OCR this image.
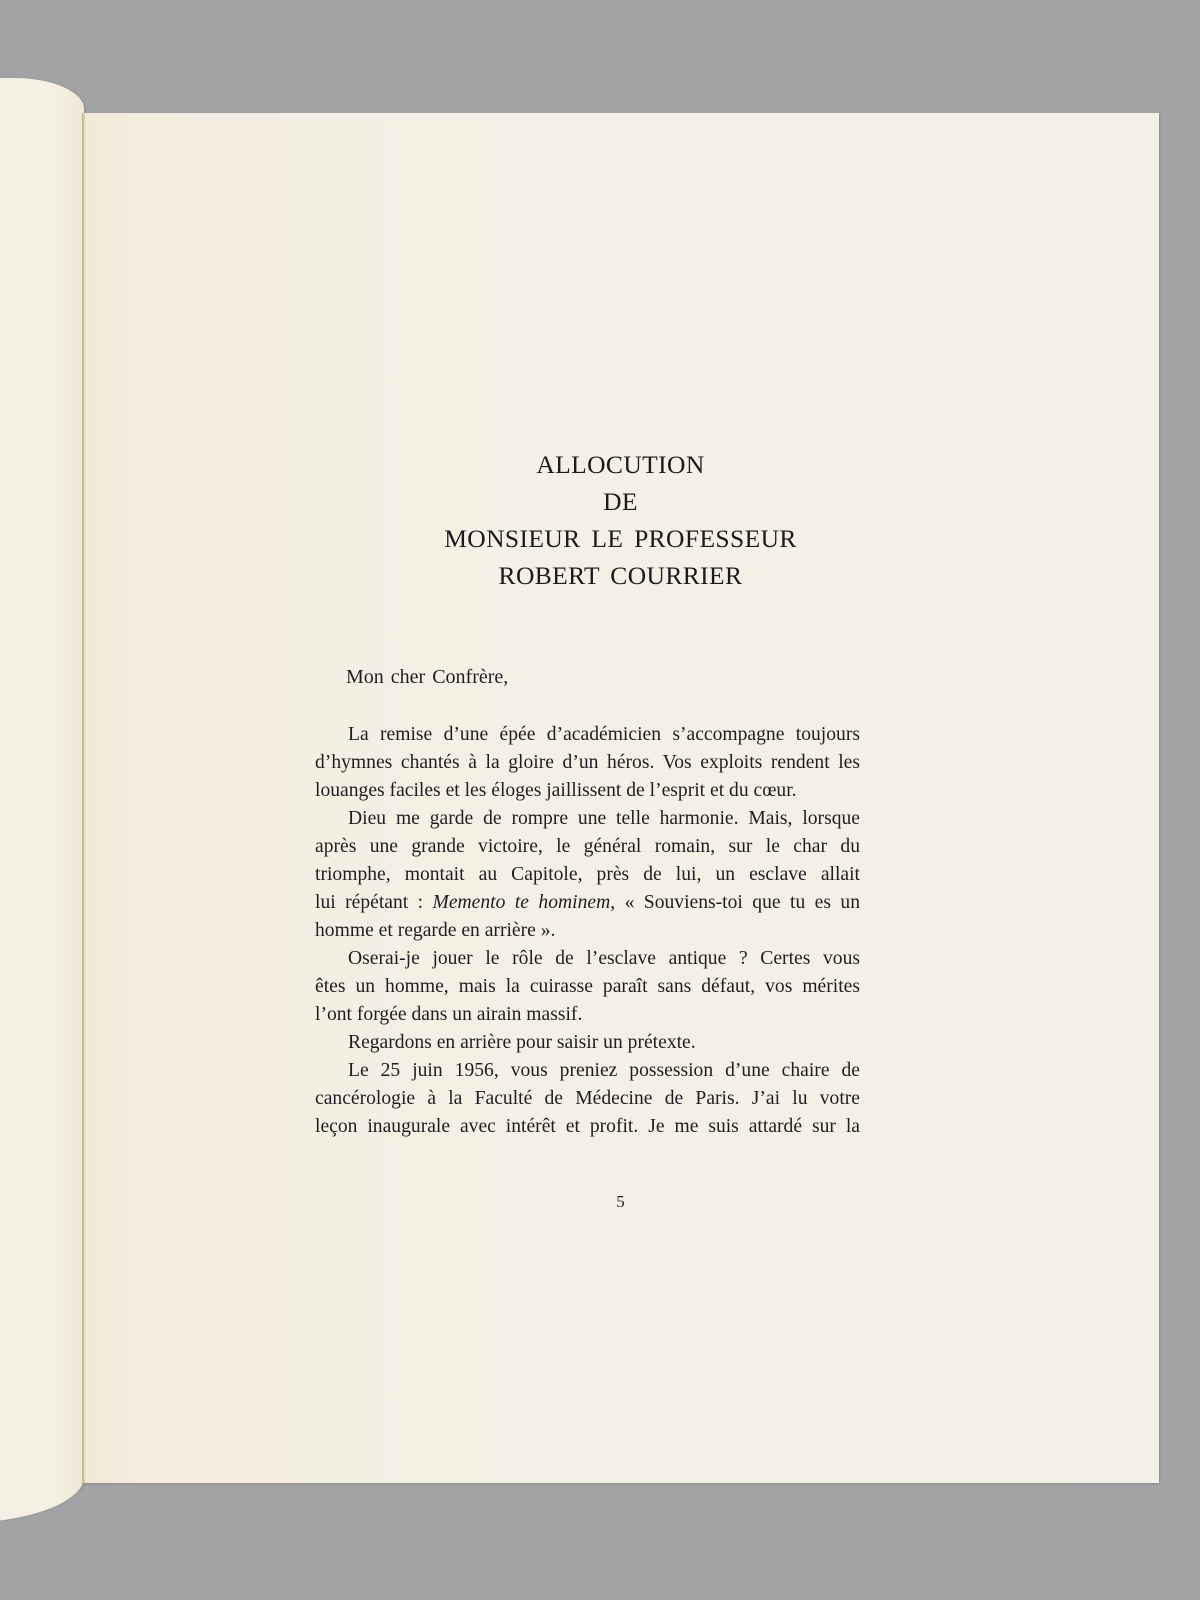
ALLOCUTION
DE
MONSIEUR LE PROFESSEUR
ROBERT COURRIER
Mon cher Confrère,
La remise d’une épée d’académicien s’accompagne toujours
d’hymnes chantés à la gloire d’un héros. Vos exploits rendent les
louanges faciles et les éloges jaillissent de l’esprit et du cœur.
Dieu me garde de rompre une telle harmonie. Mais, lorsque
après une grande victoire, le général romain, sur le char du
triomphe, montait au Capitole, près de lui, un esclave allait
lui répétant : Memento te hominem, « Souviens-toi que tu es un
homme et regarde en arrière ».
Oserai-je jouer le rôle de l’esclave antique ? Certes vous
êtes un homme, mais la cuirasse paraît sans défaut, vos mérites
l’ont forgée dans un airain massif.
Regardons en arrière pour saisir un prétexte.
Le 25 juin 1956, vous preniez possession d’une chaire de
cancérologie à la Faculté de Médecine de Paris. J’ai lu votre
leçon inaugurale avec intérêt et profit. Je me suis attardé sur la
5
